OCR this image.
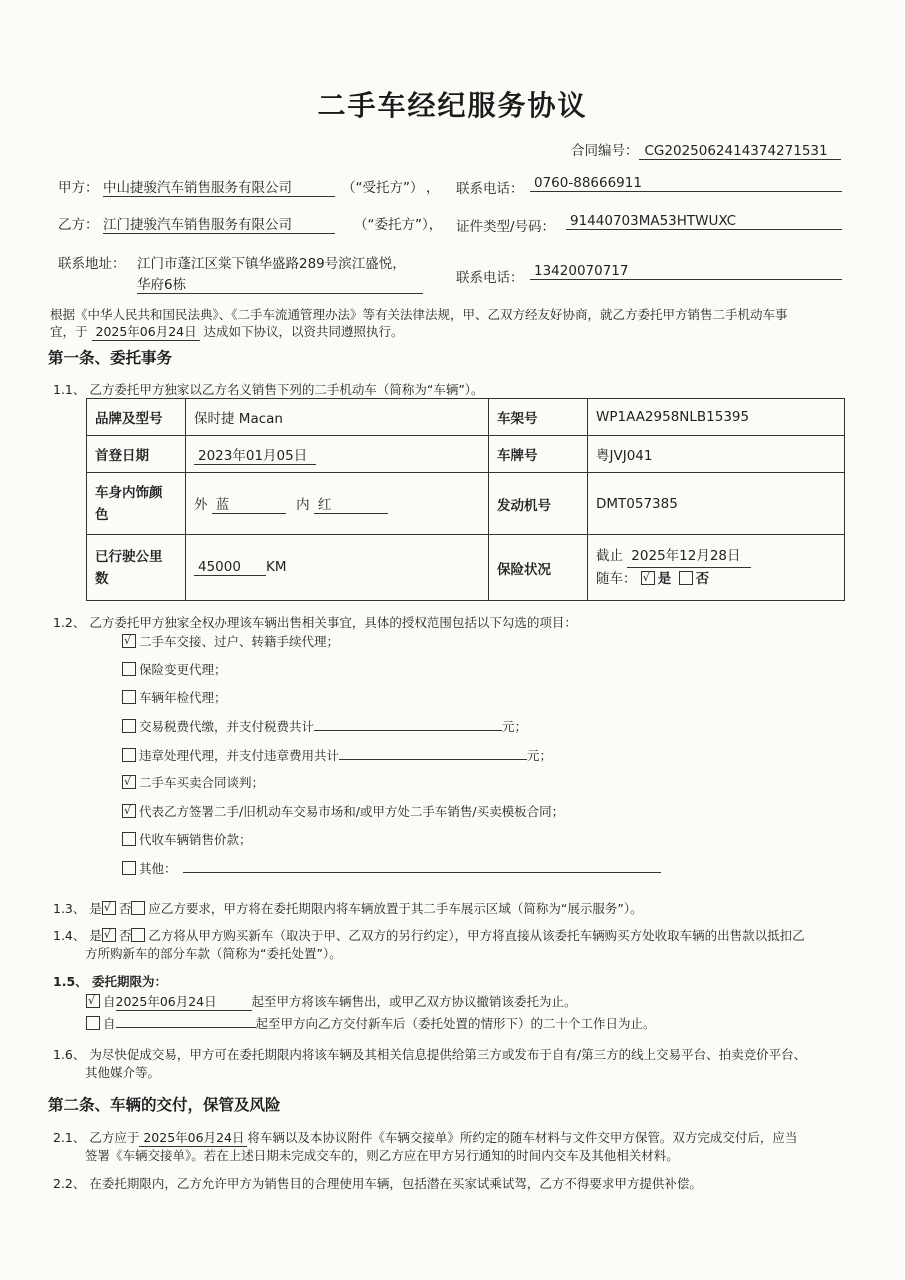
二手车经纪服务协议
合同编号： CG2025062414374271531
甲方： 中山捷骏汽车销售服务有限公司	（“受托方”） ， 联系电话： 0760-88666911
乙方： 江门捷骏汽车销售服务有限公司	（“委托方”）， 证件类型/号码： 91440703MA53HTWUXC
联系地址： 江门市蓬江区棠下镇华盛路289号滨江盛悦，
华府6栋	联系电话： 13420070717
根据《中华人民共和国民法典》、《二手车流通管理办法》等有关法律法规，甲、乙双方经友好协商，就乙方委托甲方销售二手机动车事
宜，于 2025年06月24日 达成如下协议，以资共同遵照执行。
第一条、委托事务
1.1、 乙方委托甲方独家以乙方名义销售下列的二手机动车（简称为“车辆”）。
品牌及型号	保时捷 Macan	车架号	WP1AA2958NLB15395
首登日期	2023年01月05日	车牌号	粤JVJ041
车身内饰颜
色	外 蓝 内 红	发动机号	DMT057385
已行驶公里
数	45000 KM	保险状况	截止 2025年12月28日
随车： √ 是 否
1.2、 乙方委托甲方独家全权办理该车辆出售相关事宜，具体的授权范围包括以下勾选的项目：
√二手车交接、过户、转籍手续代理；
保险变更代理；
车辆年检代理；
交易税费代缴，并支付税费共计	元；
违章处理代理，并支付违章费用共计	元；
√二手车买卖合同谈判；
√代表乙方签署二手/旧机动车交易市场和/或甲方处二手车销售/买卖模板合同；
代收车辆销售价款；
其他：
1.3、 是 √ 否 应乙方要求，甲方将在委托期限内将车辆放置于其二手车展示区域（简称为“展示服务”）。
1.4、 是 √ 否 乙方将从甲方购买新车（取决于甲、乙双方的另行约定），甲方将直接从该委托车辆购买方处收取车辆的出售款以抵扣乙
方所购新车的部分车款（简称为“委托处置”）。
1.5、 委托期限为：
√自2025年06月24日	起至甲方将该车辆售出，或甲乙双方协议撤销该委托为止。
自	起至甲方向乙方交付新车后（委托处置的情形下）的二十个工作日为止。
1.6、 为尽快促成交易，甲方可在委托期限内将该车辆及其相关信息提供给第三方或发布于自有/第三方的线上交易平台、拍卖竞价平台、
其他媒介等。
第二条、车辆的交付，保管及风险
2.1、 乙方应于 2025年06月24日 将车辆以及本协议附件《车辆交接单》所约定的随车材料与文件交甲方保管。双方完成交付后，应当
签署《车辆交接单》。若在上述日期未完成交车的，则乙方应在甲方另行通知的时间内交车及其他相关材料。
2.2、 在委托期限内，乙方允许甲方为销售目的合理使用车辆，包括潜在买家试乘试驾，乙方不得要求甲方提供补偿。
